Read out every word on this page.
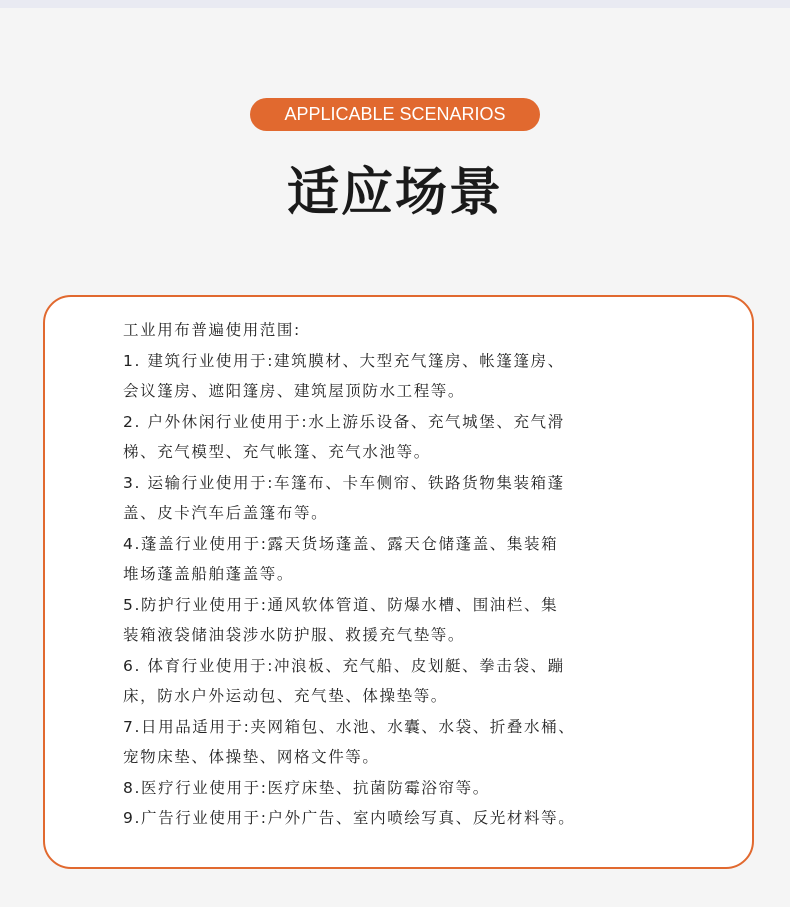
APPLICABLE SCENARIOS
适应场景
工业用布普遍使用范围:
1. 建筑行业使用于:建筑膜材、大型充气篷房、帐篷篷房、
会议篷房、遮阳篷房、建筑屋顶防水工程等。
2. 户外休闲行业使用于:水上游乐设备、充气城堡、充气滑
梯、充气模型、充气帐篷、充气水池等。
3. 运输行业使用于:车篷布、卡车侧帘、铁路货物集装箱蓬
盖、皮卡汽车后盖篷布等。
4.蓬盖行业使用于:露天货场蓬盖、露天仓储蓬盖、集装箱
堆场蓬盖船舶蓬盖等。
5.防护行业使用于:通风软体管道、防爆水槽、围油栏、集
装箱液袋储油袋涉水防护服、救援充气垫等。
6. 体育行业使用于:冲浪板、充气船、皮划艇、拳击袋、蹦
床，防水户外运动包、充气垫、体操垫等。
7.日用品适用于:夹网箱包、水池、水囊、水袋、折叠水桶、
宠物床垫、体操垫、网格文件等。
8.医疗行业使用于:医疗床垫、抗菌防霉浴帘等。
9.广告行业使用于:户外广告、室内喷绘写真、反光材料等。
